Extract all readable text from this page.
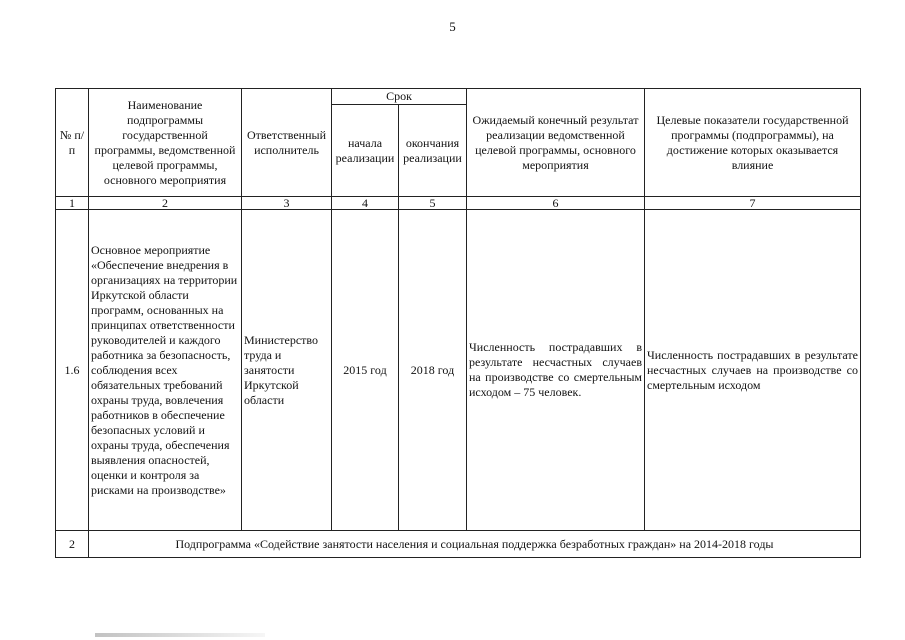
5
№ п/п	Наименование подпрограммы государственной программы, ведомственной целевой программы, основного мероприятия	Ответственный исполнитель	Срок		Ожидаемый конечный результат реализации ведомственной целевой программы, основного мероприятия	Целевые показатели государственной программы (подпрограммы), на достижение которых оказывается влияние
			начала реализации	окончания реализации		
1	2	3	4	5	6	7
1.6	Основное мероприятие «Обеспечение внедрения в организациях на территории Иркутской области программ, основанных на принципах ответственности руководителей и каждого работника за безопасность, соблюдения всех обязательных требований охраны труда, вовлечения работников в обеспечение безопасных условий и охраны труда, обеспечения выявления опасностей, оценки и контроля за рисками на производстве»	Министерство труда и занятости Иркутской области	2015 год	2018 год	Численность пострадавших в результате несчастных случаев на производстве со смертельным исходом – 75 человек.	Численность пострадавших в результате несчастных случаев на производстве со смертельным исходом
2	Подпрограмма «Содействие занятости населения и социальная поддержка безработных граждан» на 2014-2018 годы					
